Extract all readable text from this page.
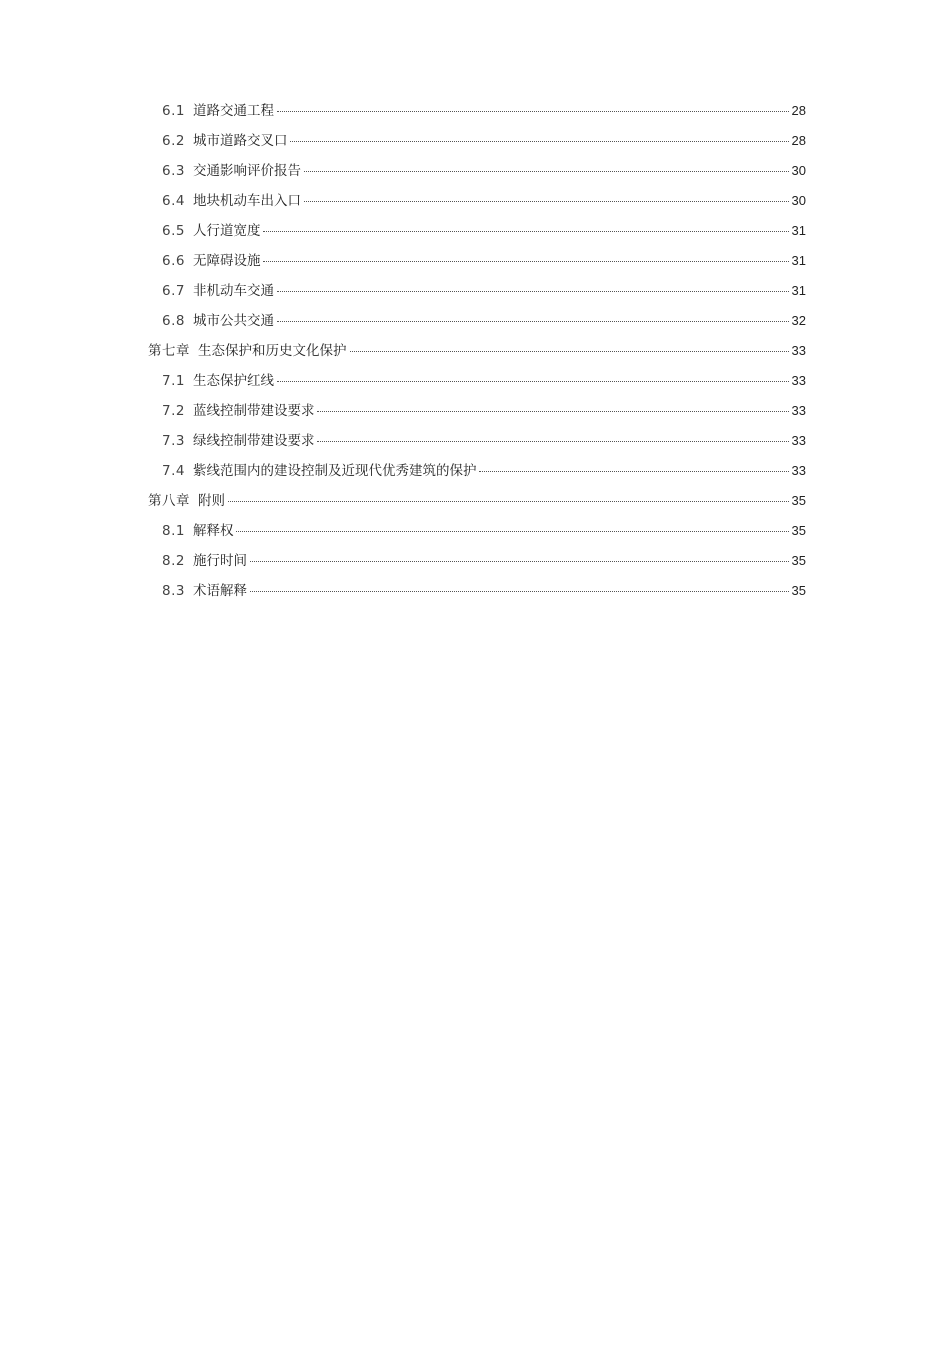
6.1 道路交通工程	28
6.2 城市道路交叉口	28
6.3 交通影响评价报告	30
6.4 地块机动车出入口	30
6.5 人行道宽度	31
6.6 无障碍设施	31
6.7 非机动车交通	31
6.8 城市公共交通	32
第七章 生态保护和历史文化保护	33
7.1 生态保护红线	33
7.2 蓝线控制带建设要求	33
7.3 绿线控制带建设要求	33
7.4 紫线范围内的建设控制及近现代优秀建筑的保护	33
第八章 附则	35
8.1 解释权	35
8.2 施行时间	35
8.3 术语解释	35
